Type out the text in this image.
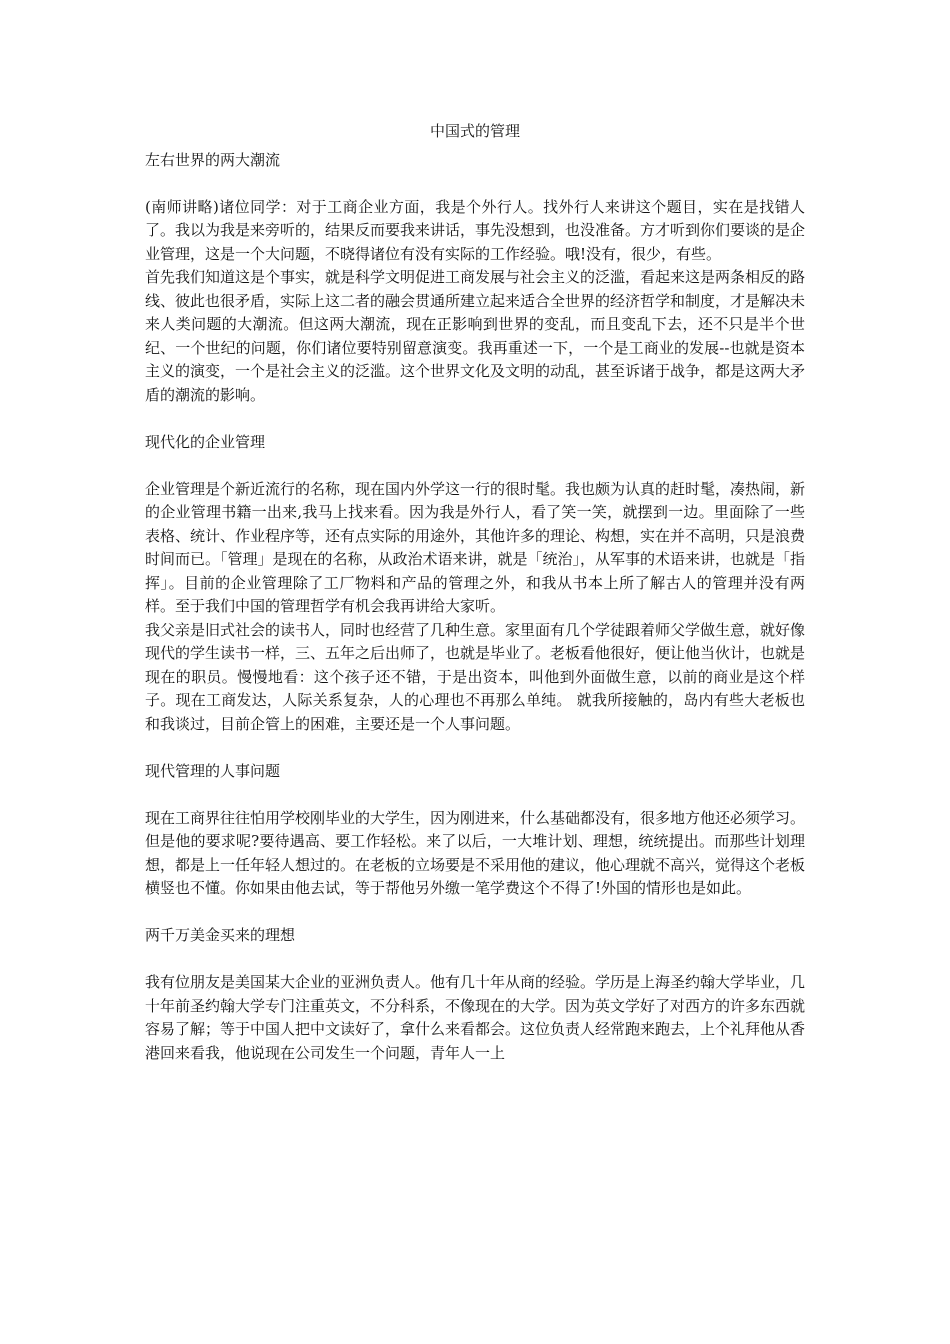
中国式的管理
左右世界的两大潮流

(南师讲略)诸位同学：对于工商企业方面，我是个外行人。找外行人来讲这个题目，实在是找错人了。我以为我是来旁听的，结果反而要我来讲话，事先没想到，也没准备。方才听到你们要谈的是企业管理，这是一个大问题，不晓得诸位有没有实际的工作经验。哦!没有，很少，有些。

首先我们知道这是个事实，就是科学文明促进工商发展与社会主义的泛滥，看起来这是两条相反的路线、彼此也很矛盾，实际上这二者的融会贯通所建立起来适合全世界的经济哲学和制度，才是解决未来人类问题的大潮流。但这两大潮流，现在正影响到世界的变乱，而且变乱下去，还不只是半个世纪、一个世纪的问题，你们诸位要特别留意演变。我再重述一下，一个是工商业的发展--也就是资本主义的演变，一个是社会主义的泛滥。这个世界文化及文明的动乱，甚至诉诸于战争，都是这两大矛盾的潮流的影响。

现代化的企业管理

企业管理是个新近流行的名称，现在国内外学这一行的很时髦。我也颇为认真的赶时髦，凑热闹，新的企业管理书籍一出来,我马上找来看。因为我是外行人，看了笑一笑，就摆到一边。里面除了一些表格、统计、作业程序等，还有点实际的用途外，其他许多的理论、构想，实在并不高明，只是浪费时间而已。「管理」是现在的名称，从政治术语来讲，就是「统治」，从军事的术语来讲，也就是「指挥」。目前的企业管理除了工厂物料和产品的管理之外，和我从书本上所了解古人的管理并没有两样。至于我们中国的管理哲学有机会我再讲给大家听。

我父亲是旧式社会的读书人，同时也经营了几种生意。家里面有几个学徒跟着师父学做生意，就好像现代的学生读书一样，三、五年之后出师了，也就是毕业了。老板看他很好，便让他当伙计，也就是现在的职员。慢慢地看：这个孩子还不错，于是出资本，叫他到外面做生意，以前的商业是这个样子。现在工商发达，人际关系复杂，人的心理也不再那么单纯。 就我所接触的，岛内有些大老板也和我谈过，目前企管上的困难，主要还是一个人事问题。

现代管理的人事问题

现在工商界往往怕用学校刚毕业的大学生，因为刚进来，什么基础都没有，很多地方他还必须学习。但是他的要求呢?要待遇高、要工作轻松。来了以后，一大堆计划、理想，统统提出。而那些计划理想，都是上一任年轻人想过的。在老板的立场要是不采用他的建议，他心理就不高兴，觉得这个老板横竖也不懂。你如果由他去试，等于帮他另外缴一笔学费这个不得了!外国的情形也是如此。

两千万美金买来的理想

我有位朋友是美国某大企业的亚洲负责人。他有几十年从商的经验。学历是上海圣约翰大学毕业，几十年前圣约翰大学专门注重英文，不分科系，不像现在的大学。因为英文学好了对西方的许多东西就容易了解；等于中国人把中文读好了，拿什么来看都会。这位负责人经常跑来跑去，上个礼拜他从香港回来看我，他说现在公司发生一个问题，青年人一上
